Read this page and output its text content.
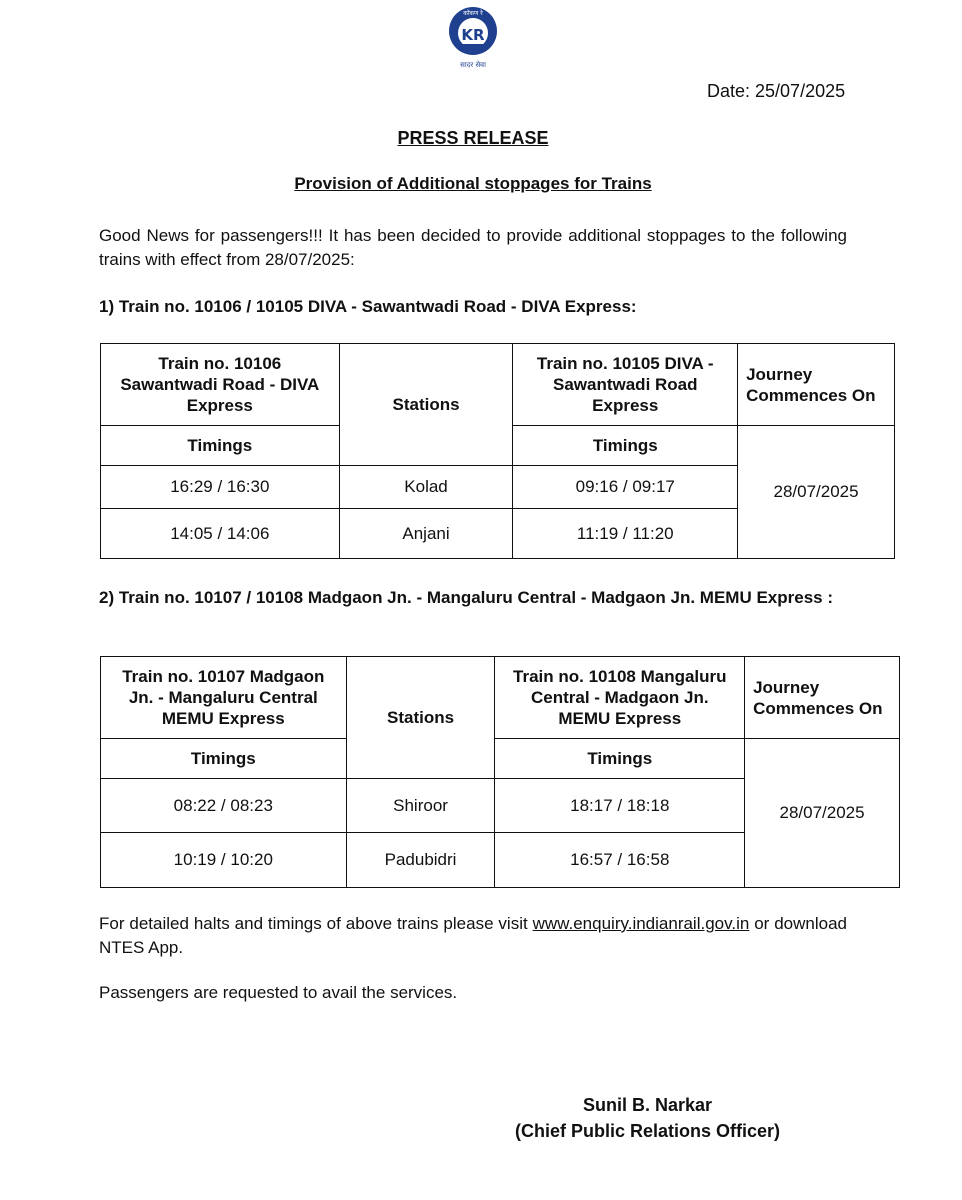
कोंकण रे
KR
सादर सेवा
Date: 25/07/2025
PRESS RELEASE
Provision of Additional stoppages for Trains
Good News for passengers!!! It has been decided to provide additional stoppages to the following trains with effect from 28/07/2025:
1) Train no. 10106 / 10105 DIVA - Sawantwadi Road - DIVA Express:
Train no. 10106 Sawantwadi Road - DIVA Express	Stations	Train no. 10105 DIVA - Sawantwadi Road Express	Journey Commences On
Timings		Timings	28/07/2025
16:29 / 16:30	Kolad	09:16 / 09:17	
14:05 / 14:06	Anjani	11:19 / 11:20	
2) Train no. 10107 / 10108 Madgaon Jn. - Mangaluru Central - Madgaon Jn. MEMU Express :
Train no. 10107 Madgaon Jn. - Mangaluru Central MEMU Express	Stations	Train no. 10108 Mangaluru Central - Madgaon Jn. MEMU Express	Journey Commences On
Timings		Timings	28/07/2025
08:22 / 08:23	Shiroor	18:17 / 18:18	
10:19 / 10:20	Padubidri	16:57 / 16:58	
For detailed halts and timings of above trains please visit www.enquiry.indianrail.gov.in or download NTES App.
Passengers are requested to avail the services.
Sunil B. Narkar
(Chief Public Relations Officer)
